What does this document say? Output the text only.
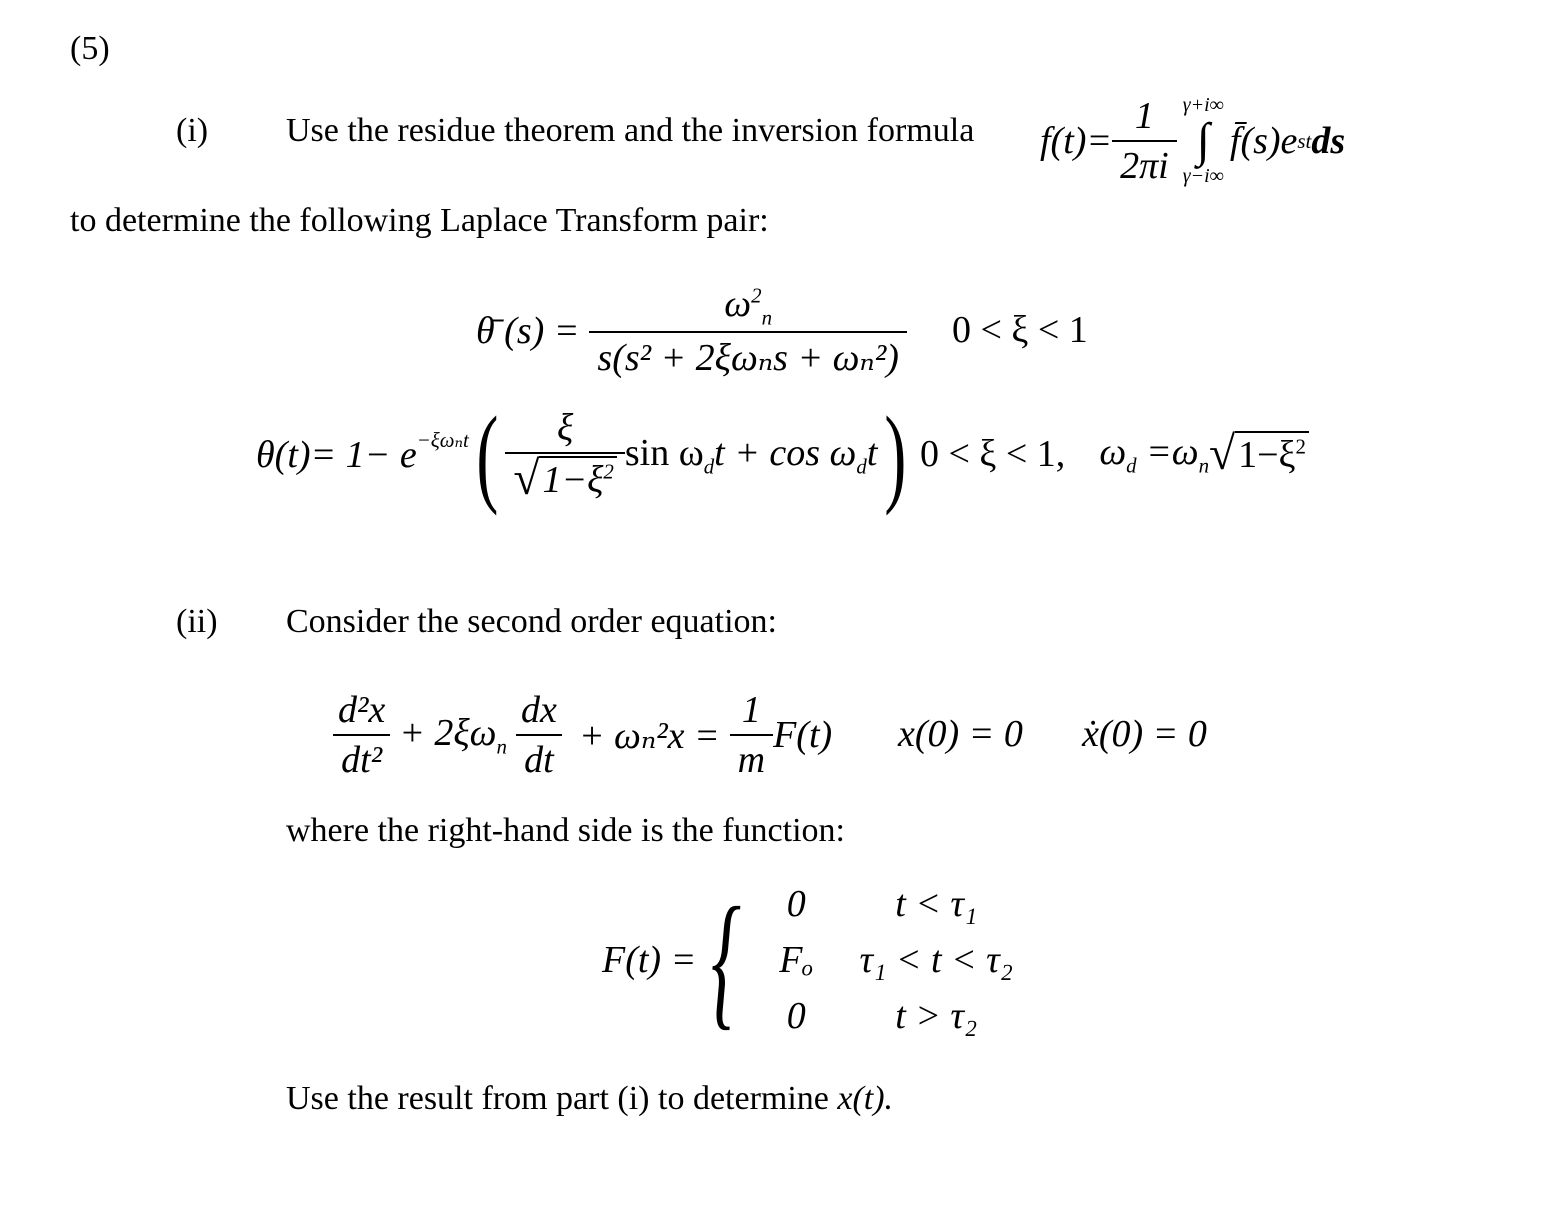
(5)
(i) Use the residue theorem and the inversion formula $f(t)= \frac{1}{2\pi i} \gamma+i\infty$
∫
γ−i∞
f̄(s)e st ds
to determine the following Laplace Transform pair:
θ̄ $(s) = \frac{\omega^2_n}{\text{s(s² + 2ξωₙs + ωₙ²)}} 0 < \xi < 1$
$\theta(t)= 1- e^{-\xi\omega_nt}$ ( $\frac{\xi}{√ 1-\xi^2}$ $\sin \omega_dt + \cos \omega_dt$ ) 0 < ξ < 1, $\omega_d =\omega_n$ √ $1-\xi^2$
(ii) Consider the second order equation:
$\frac{\text{d²x}}{\text{dt²}} + 2\xi\omega_n \frac{dx}{dt} + \omega_n^2x = \frac{1}{m} F(t) x(0) = 0$ ẋ(0) = 0
where the right-hand side is the function:
F(t) = {	0	t < τ₁
Fₒ	τ₁ < t < τ₂
0	t > τ₂
Use the result from part (i) to determine x(t).
